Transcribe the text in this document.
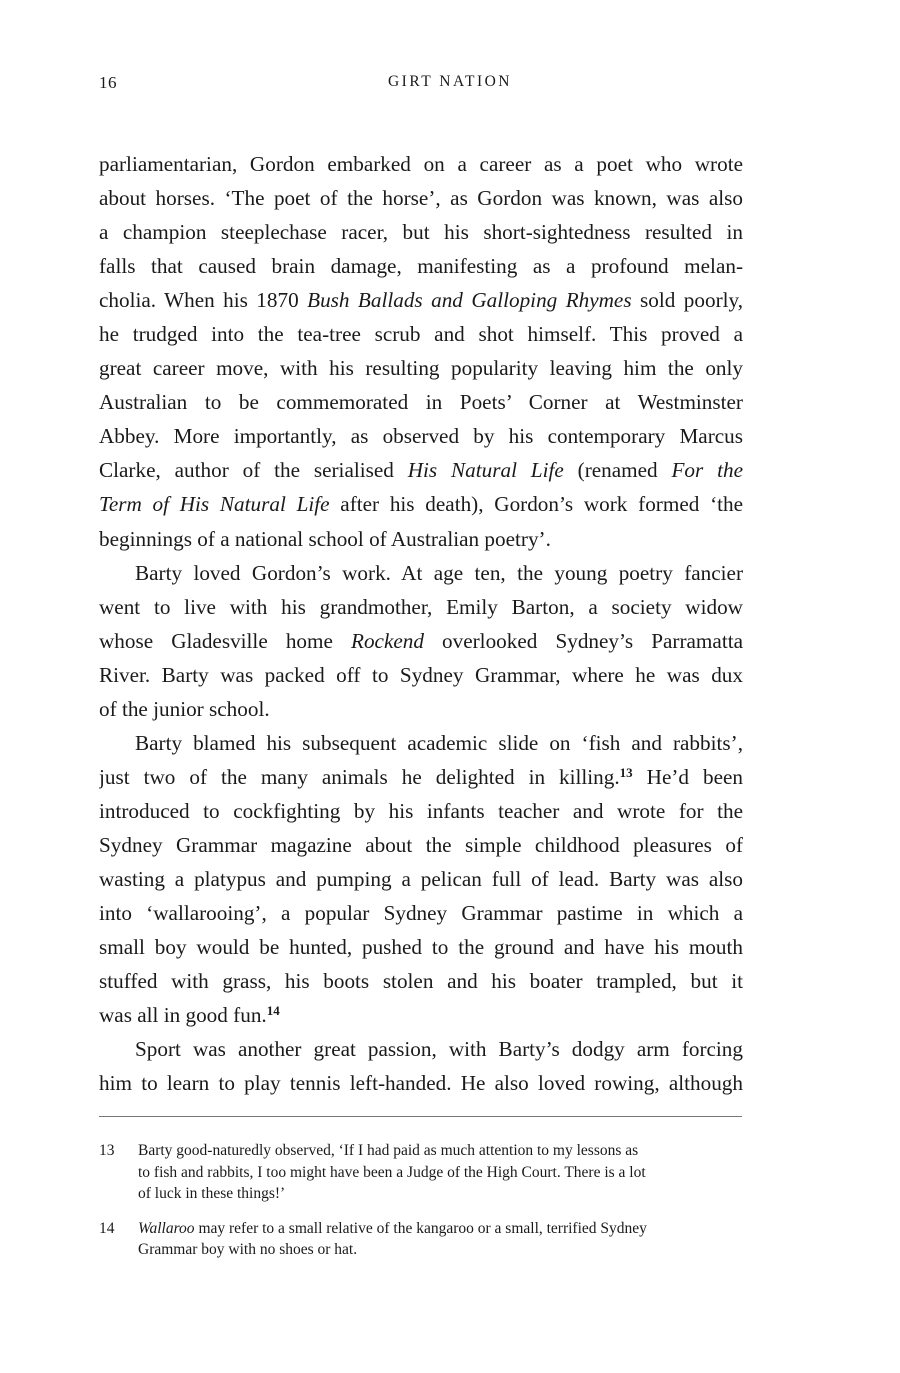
16	GIRT NATION
parliamentarian, Gordon embarked on a career as a poet who wrote
about horses. ‘The poet of the horse’, as Gordon was known, was also
a champion steeplechase racer, but his short-sightedness resulted in
falls that caused brain damage, manifesting as a profound melan-
cholia. When his 1870 Bush Ballads and Galloping Rhymes sold poorly,
he trudged into the tea-tree scrub and shot himself. This proved a
great career move, with his resulting popularity leaving him the only
Australian to be commemorated in Poets’ Corner at Westminster
Abbey. More importantly, as observed by his contemporary Marcus
Clarke, author of the serialised His Natural Life (renamed For the
Term of His Natural Life after his death), Gordon’s work formed ‘the
beginnings of a national school of Australian poetry’.
Barty loved Gordon’s work. At age ten, the young poetry fancier
went to live with his grandmother, Emily Barton, a society widow
whose Gladesville home Rockend overlooked Sydney’s Parramatta
River. Barty was packed off to Sydney Grammar, where he was dux
of the junior school.
Barty blamed his subsequent academic slide on ‘fish and rabbits’,
just two of the many animals he delighted in killing.$^{13}$ He’d been
introduced to cockfighting by his infants teacher and wrote for the
Sydney Grammar magazine about the simple childhood pleasures of
wasting a platypus and pumping a pelican full of lead. Barty was also
into ‘wallarooing’, a popular Sydney Grammar pastime in which a
small boy would be hunted, pushed to the ground and have his mouth
stuffed with grass, his boots stolen and his boater trampled, but it
was all in good fun.$^{14}$
Sport was another great passion, with Barty’s dodgy arm forcing
him to learn to play tennis left-handed. He also loved rowing, although
13 Barty good-naturedly observed, ‘If I had paid as much attention to my lessons as
to fish and rabbits, I too might have been a Judge of the High Court. There is a lot
of luck in these things!’
14 Wallaroo may refer to a small relative of the kangaroo or a small, terrified Sydney
Grammar boy with no shoes or hat.
